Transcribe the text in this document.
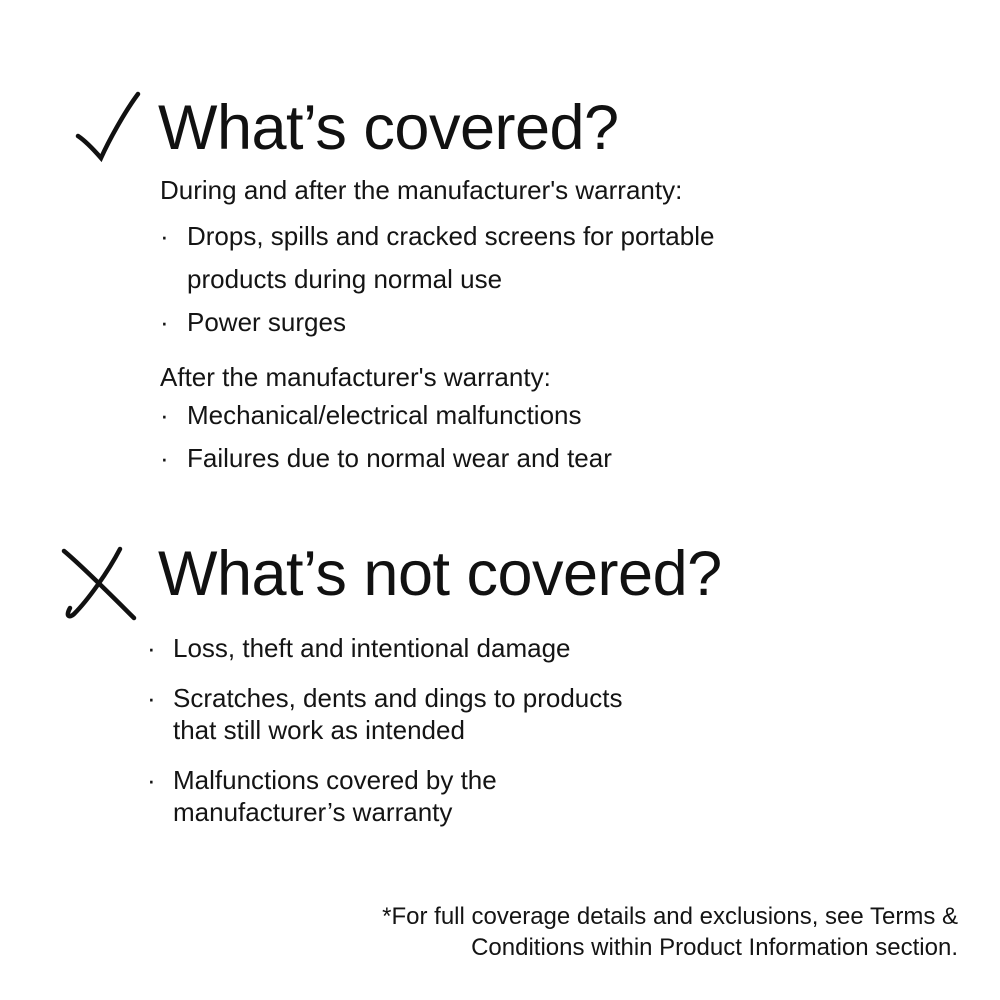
What’s covered?

During and after the manufacturer's warranty:

· Drops, spills and cracked screens for portable
products during normal use
· Power surges

After the manufacturer's warranty:

· Mechanical/electrical malfunctions
· Failures due to normal wear and tear
What’s not covered?
· Loss, theft and intentional damage
· Scratches, dents and dings to products
that still work as intended
· Malfunctions covered by the
manufacturer’s warranty
*For full coverage details and exclusions, see Terms &
Conditions within Product Information section.
